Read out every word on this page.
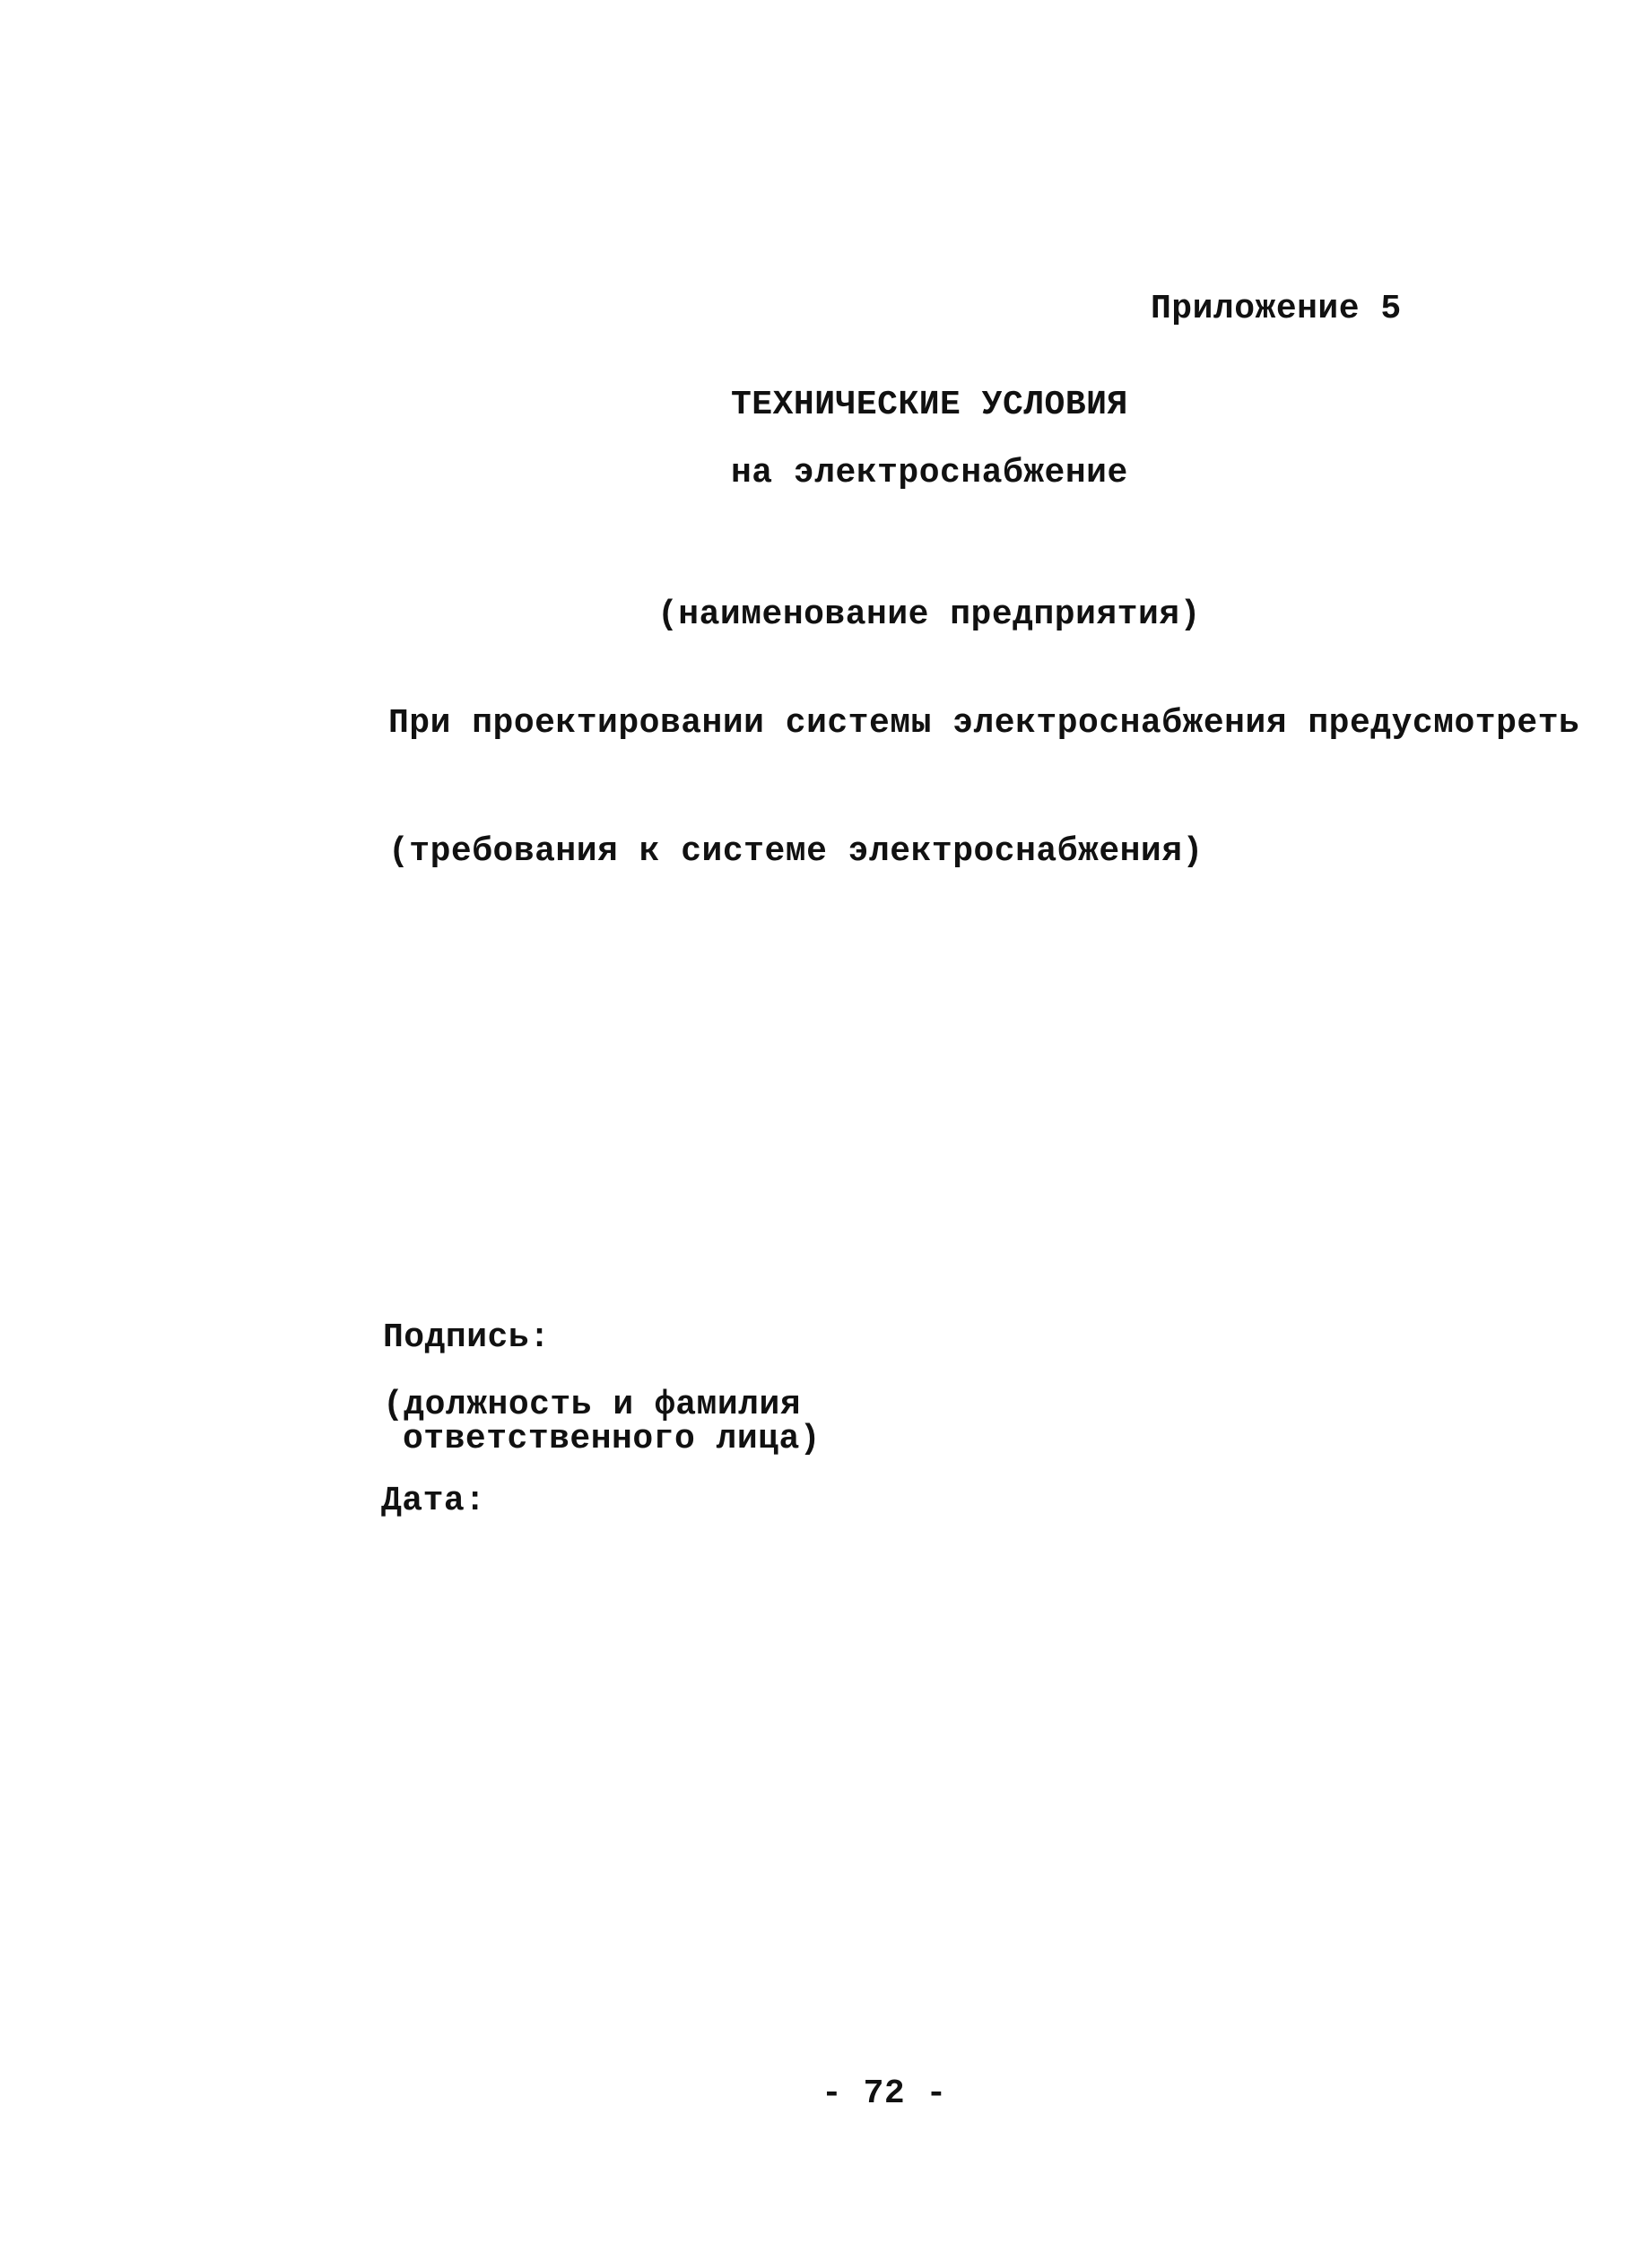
Приложение 5
ТЕХНИЧЕСКИЕ УСЛОВИЯ
на электроснабжение
(наименование предприятия)
При проектировании системы электроснабжения предусмотреть
(требования к системе электроснабжения)
Подпись:
(должность и фамилия
ответственного лица)
Дата:
- 72 -
